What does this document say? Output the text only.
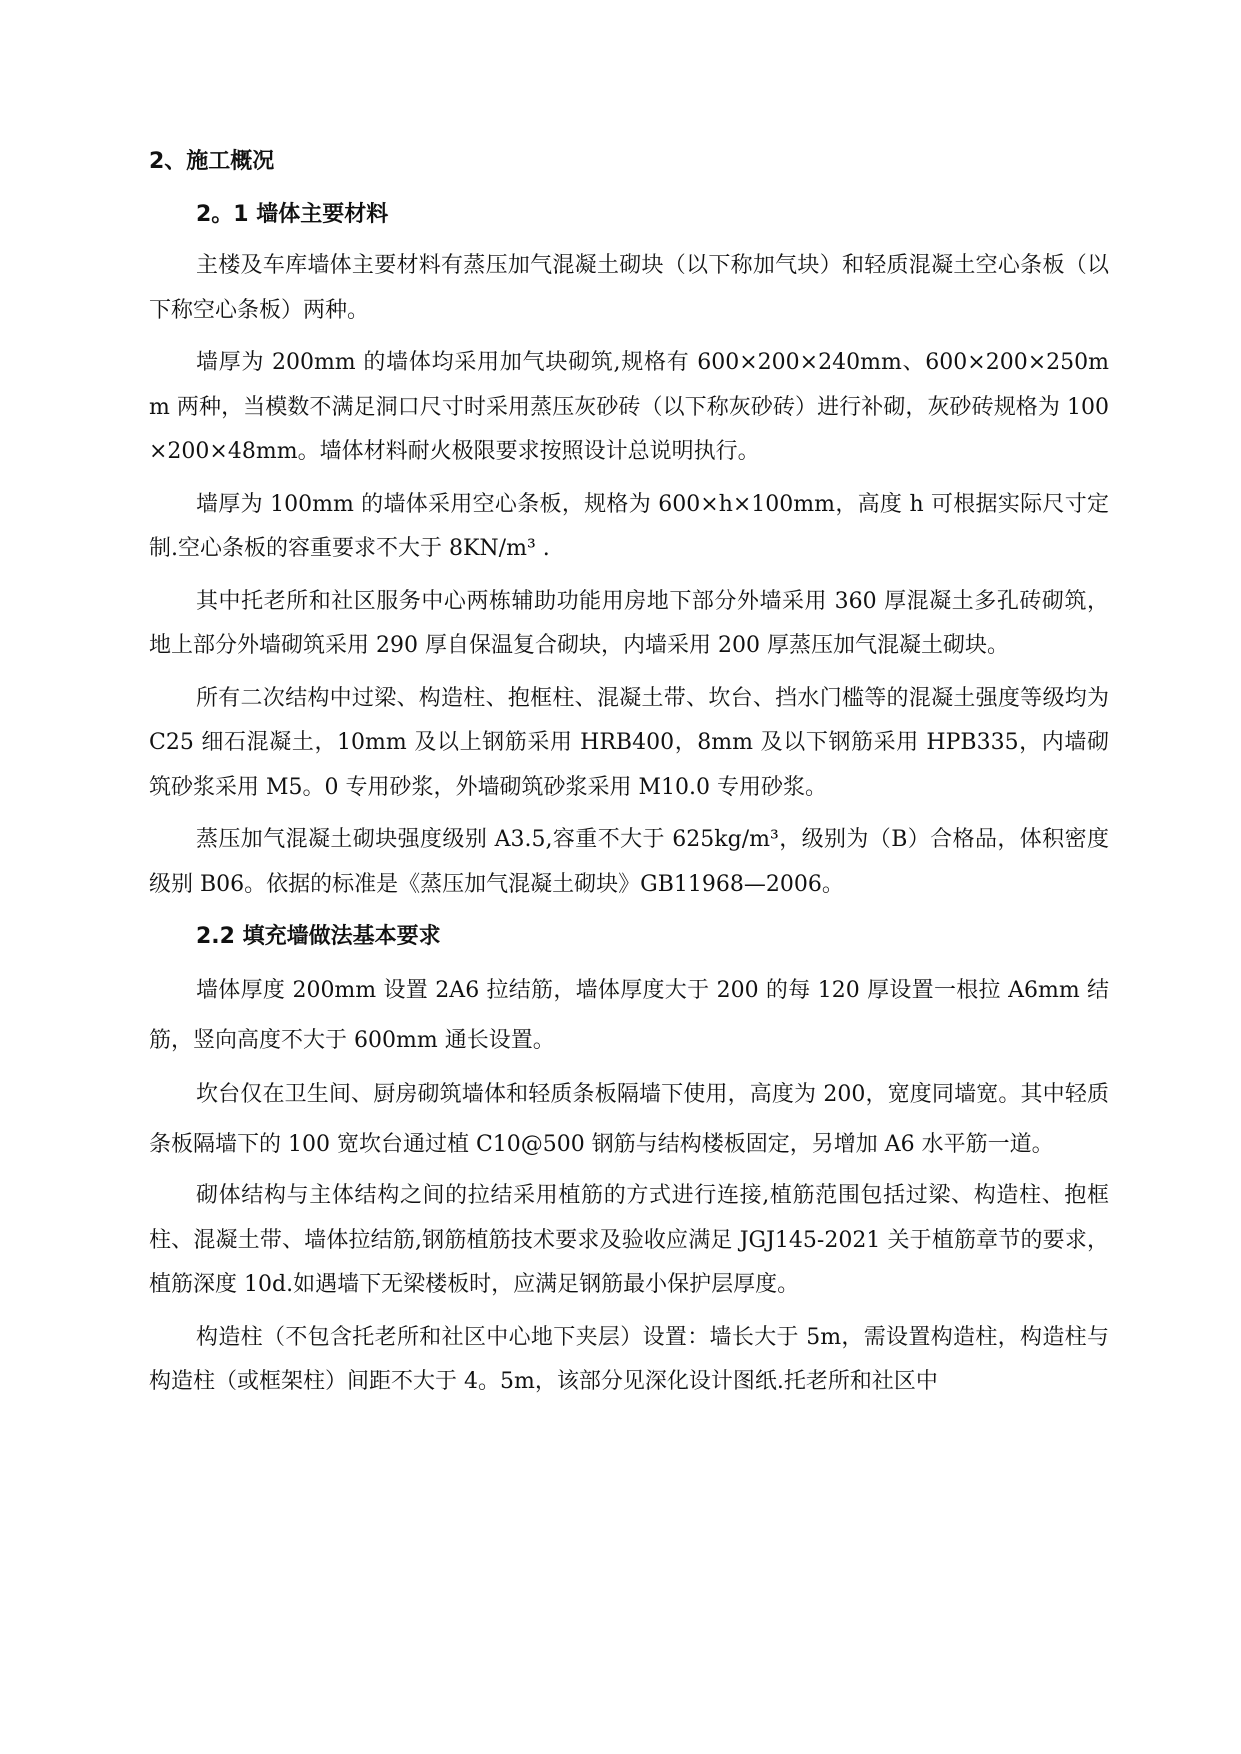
2、施工概况
2。1 墙体主要材料

主楼及车库墙体主要材料有蒸压加气混凝土砌块（以下称加气块）和轻质混凝土空心条板（以下称空心条板）两种。

墙厚为 200mm 的墙体均采用加气块砌筑,规格有 600×200×240mm、600×200×250mm 两种，当模数不满足洞口尺寸时采用蒸压灰砂砖（以下称灰砂砖）进行补砌，灰砂砖规格为 100×200×48mm。墙体材料耐火极限要求按照设计总说明执行。

墙厚为 100mm 的墙体采用空心条板，规格为 600×h×100mm，高度 h 可根据实际尺寸定制.空心条板的容重要求不大于 8KN/m³ .

其中托老所和社区服务中心两栋辅助功能用房地下部分外墙采用 360 厚混凝土多孔砖砌筑，地上部分外墙砌筑采用 290 厚自保温复合砌块，内墙采用 200 厚蒸压加气混凝土砌块。

所有二次结构中过梁、构造柱、抱框柱、混凝土带、坎台、挡水门槛等的混凝土强度等级均为 C25 细石混凝土，10mm 及以上钢筋采用 HRB400，8mm 及以下钢筋采用 HPB335，内墙砌筑砂浆采用 M5。0 专用砂浆，外墙砌筑砂浆采用 M10.0 专用砂浆。

蒸压加气混凝土砌块强度级别 A3.5,容重不大于 625kg/m³，级别为（B）合格品，体积密度级别 B06。依据的标准是《蒸压加气混凝土砌块》GB11968—2006。

2.2 填充墙做法基本要求

墙体厚度 200mm 设置 2A6 拉结筋，墙体厚度大于 200 的每 120 厚设置一根拉 A6mm 结筋，竖向高度不大于 600mm 通长设置。

坎台仅在卫生间、厨房砌筑墙体和轻质条板隔墙下使用，高度为 200，宽度同墙宽。其中轻质条板隔墙下的 100 宽坎台通过植 C10@500 钢筋与结构楼板固定，另增加 A6 水平筋一道。

砌体结构与主体结构之间的拉结采用植筋的方式进行连接,植筋范围包括过梁、构造柱、抱框柱、混凝土带、墙体拉结筋,钢筋植筋技术要求及验收应满足 JGJ145-2021 关于植筋章节的要求，植筋深度 10d.如遇墙下无梁楼板时，应满足钢筋最小保护层厚度。

构造柱（不包含托老所和社区中心地下夹层）设置：墙长大于 5m，需设置构造柱，构造柱与构造柱（或框架柱）间距不大于 4。5m，该部分见深化设计图纸.托老所和社区中
